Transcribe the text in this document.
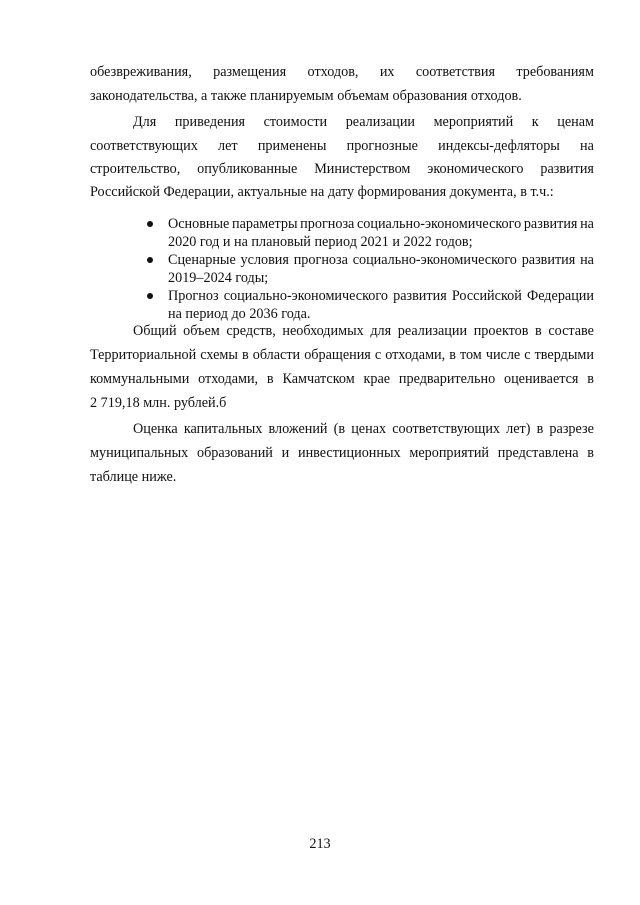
обезвреживания, размещения отходов, их соответствия требованиям
законодательства, а также планируемым объемам образования отходов.
Для приведения стоимости реализации мероприятий к ценам
соответствующих лет применены прогнозные индексы-дефляторы на
строительство, опубликованные Министерством экономического развития
Российской Федерации, актуальные на дату формирования документа, в т.ч.:
Основные параметры прогноза социально-экономического развития на
2020 год и на плановый период 2021 и 2022 годов;
Сценарные условия прогноза социально-экономического развития на
2019–2024 годы;
Прогноз социально-экономического развития Российской Федерации
на период до 2036 года.
Общий объем средств, необходимых для реализации проектов в составе
Территориальной схемы в области обращения с отходами, в том числе с твердыми
коммунальными отходами, в Камчатском крае предварительно оценивается в
2 719,18 млн. рублей.б
Оценка капитальных вложений (в ценах соответствующих лет) в разрезе
муниципальных образований и инвестиционных мероприятий представлена в
таблице ниже.
213
